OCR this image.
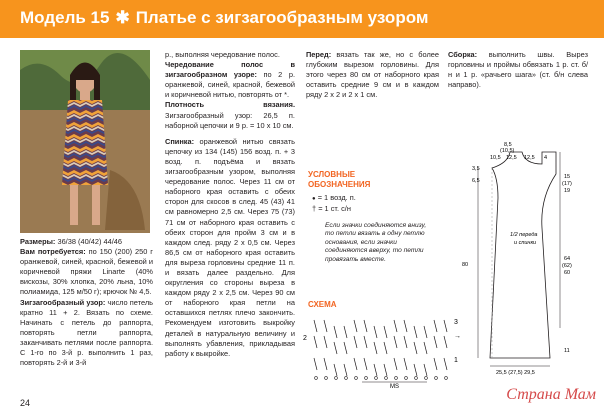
Модель 15 ✱ Платье с зигзагообразным узором

Размеры: 36/38 (40/42) 44/46

Вам потребуется: по 150 (200) 250 г оранжевой, синей, красной, бежевой и коричневой пряжи Linarte (40% вискозы, 30% хлопка, 20% льна, 10% полиамида, 125 м/50 г); крючок № 4,5.

Зигзагообразный узор: число петель кратно 11 + 2. Вязать по схеме. Начинать с петель до раппорта, повторять петли раппорта, заканчивать петлями после раппорта. С 1-го по 3-й р. выполнить 1 раз, повторять 2-й и 3-й

р., выполняя чередование полос.

Чередование полос в зигзагообразном узоре: по 2 р. оранжевой, синей, красной, бежевой и коричневой нитью, повторять от *.

Плотность вязания. Зигзагообразный узор: 26,5 п. наборной цепочки и 9 р. = 10 х 10 см.

Спинка: оранжевой нитью связать цепочку из 134 (145) 156 возд. п. + 3 возд. п. подъёма и вязать зигзагообразным узором, выполняя чередование полос. Через 11 см от наборного края оставить с обеих сторон для скосов в след. 45 (43) 41 см равномерно 2,5 см. Через 75 (73) 71 см от наборного края оставить с обеих сторон для пройм 3 см и в каждом след. ряду 2 х 0,5 см. Через 86,5 см от наборного края оставить для выреза горловины средние 11 п. и вязать далее раздельно. Для округления со стороны выреза в каждом ряду 2 х 2,5 см. Через 90 см от наборного края петли на оставшихся петлях плечо закончить. Рекомендуем изготовить выкройку деталей в натуральную величину и выполнять убавления, прикладывая работу к выкройке.

Перед: вязать так же, но с более глубоким вырезом горловины. Для этого через 80 см от наборного края оставить средние 9 см и в каждом ряду 2 х 2 и 2 х 1 см.

Сборка: выполнить швы. Вырез горловины и проймы обвязать 1 р. ст. б/н и 1 р. «рачьего шага» (ст. б/н слева направо).

УСЛОВНЫЕ
ОБОЗНАЧЕНИЯ

● = 1 возд. п.

† = 1 ст. с/н

Если значки соединяются внизу, то петли вязать в одну петлю основания, если значки соединяются вверху, то петли провязать вместе.
СХЕМА
3
→
2
1
MS
8,5
(10,5)
12,5
10,5	12,5 4
3,5
6,5
15
(17)
19
64
(62)
60
80
11
1/2 переда
и спинки
25,5 (27,5) 29,5
24	Страна Мам
